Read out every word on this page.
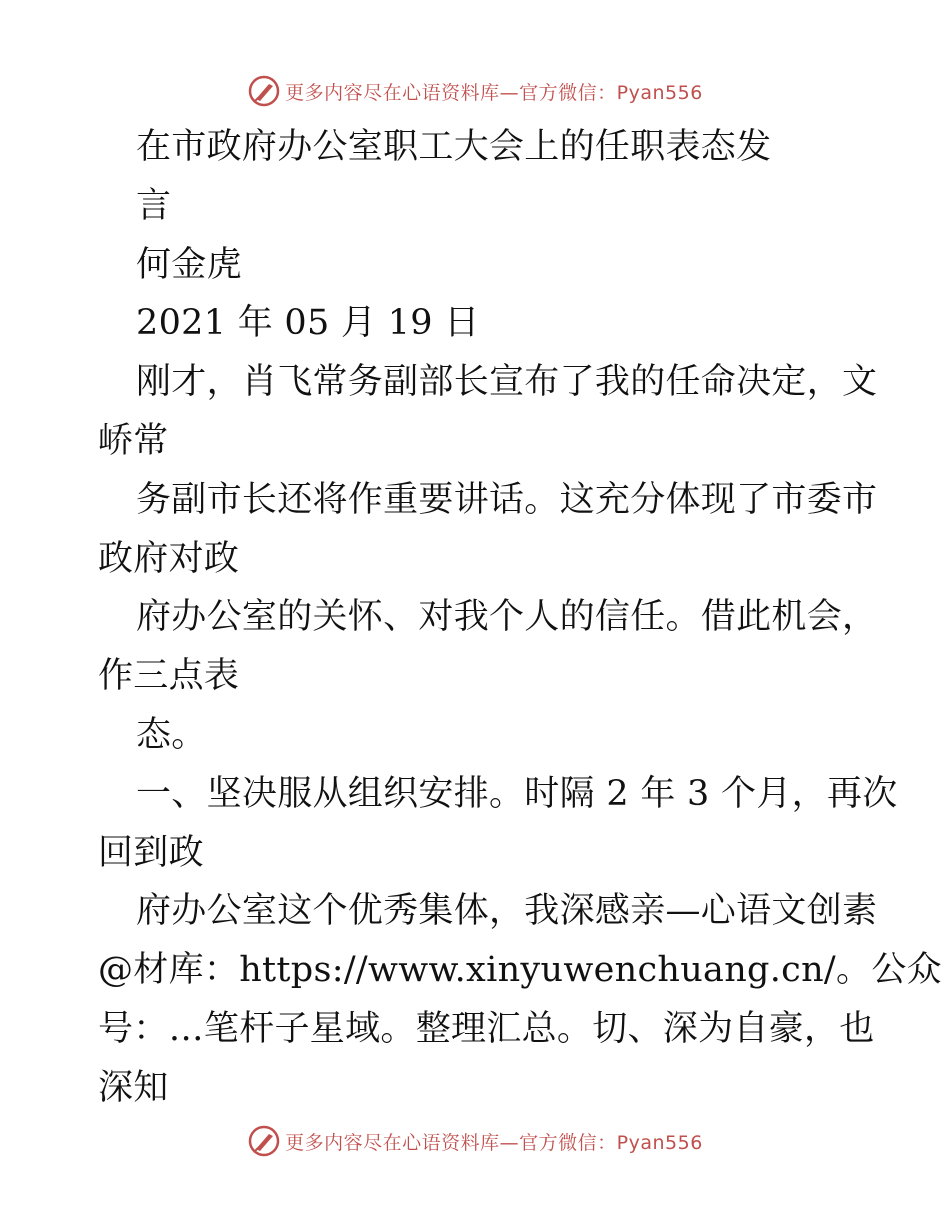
更多内容尽在心语资料库—官方微信：Pyan556
在市政府办公室职工大会上的任职表态发
言
何金虎
2021 年 05 月 19 日
刚才，肖飞常务副部长宣布了我的任命决定，文
峤常
务副市长还将作重要讲话。这充分体现了市委市
政府对政
府办公室的关怀、对我个人的信任。借此机会，
作三点表
态。
一、坚决服从组织安排。时隔 2 年 3 个月，再次
回到政
府办公室这个优秀集体，我深感亲—心语文创素
@材库：https://www.xinyuwenchuang.cn/。公众
号：…笔杆子星域。整理汇总。切、深为自豪，也
深知
更多内容尽在心语资料库—官方微信：Pyan556
